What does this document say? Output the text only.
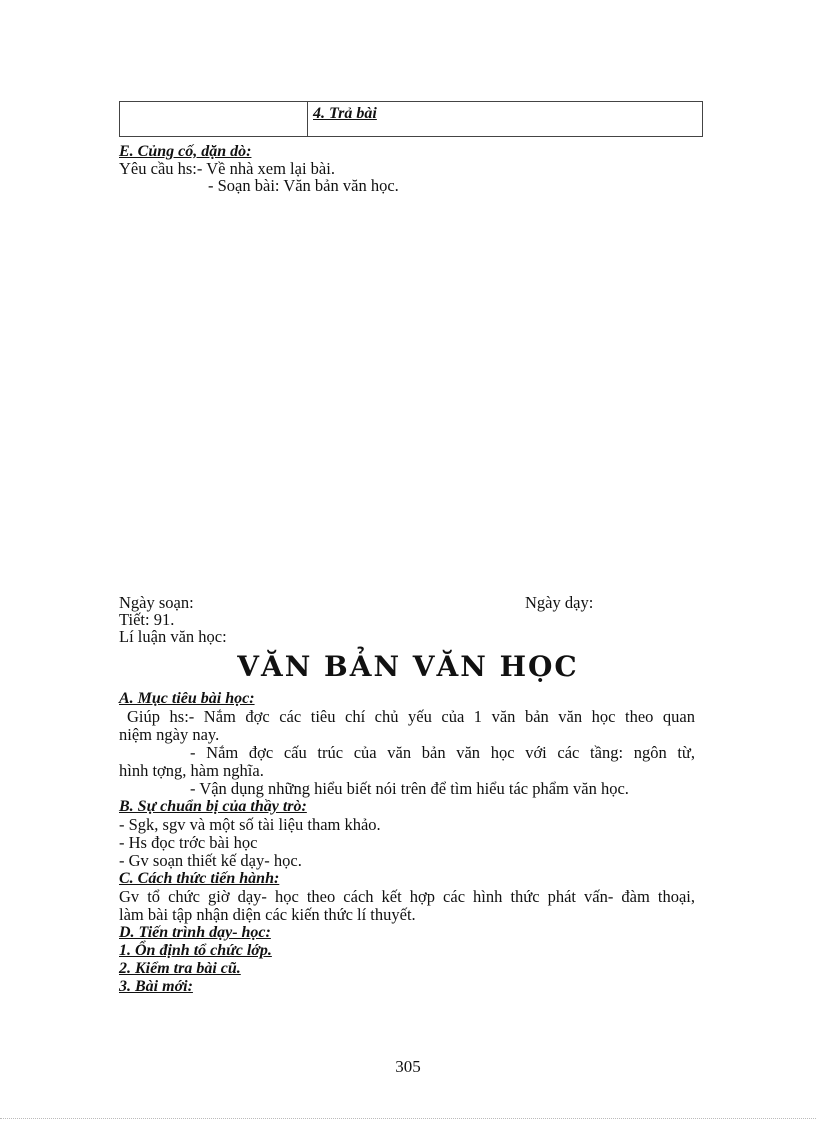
4. Trả bài
E. Củng cố, dặn dò:
Yêu cầu hs:- Về nhà xem lại bài.
- Soạn bài: Văn bản văn học.
Ngày soạn:	Ngày dạy:
Tiết: 91.
Lí luận văn học:
VĂN BẢN VĂN HỌC
A. Mục tiêu bài học:
Giúp hs:- Nắm đợc các tiêu chí chủ yếu của 1 văn bản văn học theo quan
niệm ngày nay.
- Nắm đợc cấu trúc của văn bản văn học với các tầng: ngôn từ,
hình tợng, hàm nghĩa.
- Vận dụng những hiểu biết nói trên để tìm hiểu tác phẩm văn học.
B. Sự chuẩn bị của thầy trò:
- Sgk, sgv và một số tài liệu tham khảo.
- Hs đọc trớc bài học
- Gv soạn thiết kế dạy- học.
C. Cách thức tiến hành:
Gv tổ chức giờ dạy- học theo cách kết hợp các hình thức phát vấn- đàm thoại,
làm bài tập nhận diện các kiến thức lí thuyết.
D. Tiến trình dạy- học:
1. Ổn định tổ chức lớp.
2. Kiểm tra bài cũ.
3. Bài mới:
305
